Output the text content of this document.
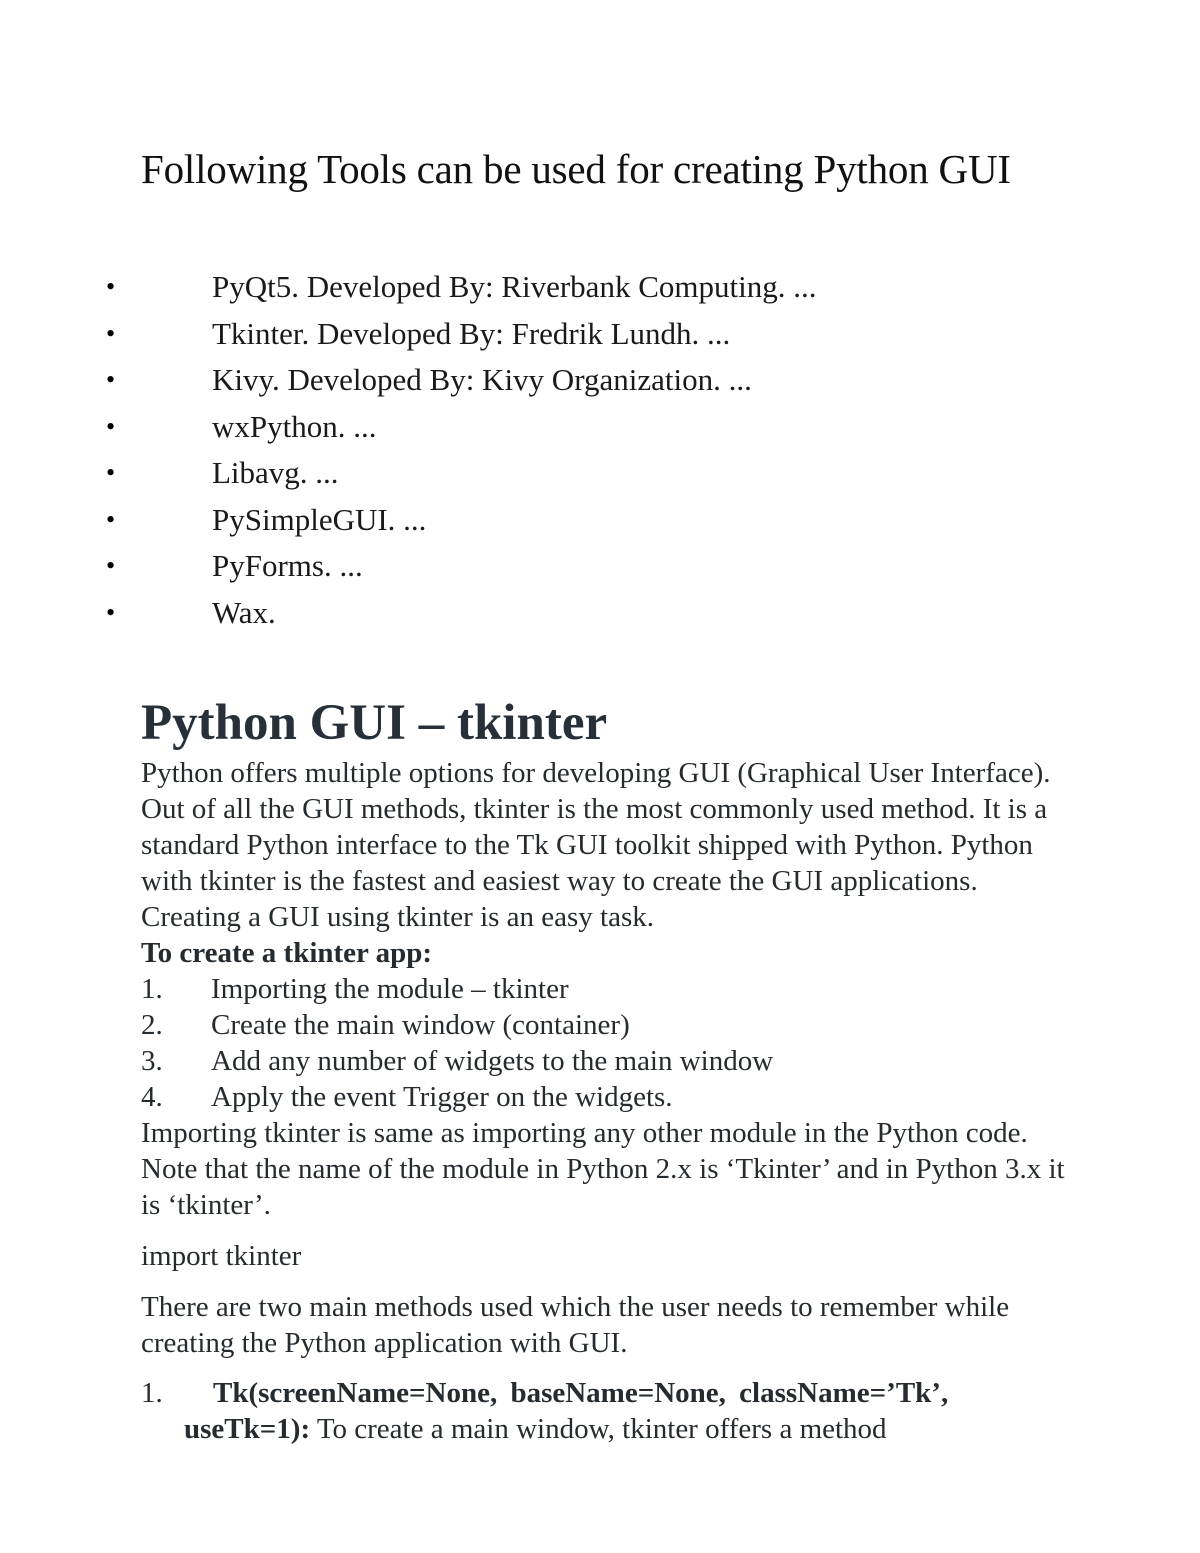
Following Tools can be used for creating Python GUI
•	PyQt5. Developed By: Riverbank Computing. ...
•	Tkinter. Developed By: Fredrik Lundh. ...
•	Kivy. Developed By: Kivy Organization. ...
•	wxPython. ...
•	Libavg. ...
•	PySimpleGUI. ...
•	PyForms. ...
•	Wax.
Python GUI – tkinter
Python offers multiple options for developing GUI (Graphical User Interface). Out of all the GUI methods, tkinter is the most commonly used method. It is a standard Python interface to the Tk GUI toolkit shipped with Python. Python with tkinter is the fastest and easiest way to create the GUI applications. Creating a GUI using tkinter is an easy task.
To create a tkinter app:
1. Importing the module – tkinter
2. Create the main window (container)
3. Add any number of widgets to the main window
4. Apply the event Trigger on the widgets.
Importing tkinter is same as importing any other module in the Python code. Note that the name of the module in Python 2.x is ‘Tkinter’ and in Python 3.x it is ‘tkinter’.
import tkinter
There are two main methods used which the user needs to remember while creating the Python application with GUI.
1. Tk(screenName=None, baseName=None, className=’Tk’,
useTk=1): To create a main window, tkinter offers a method
